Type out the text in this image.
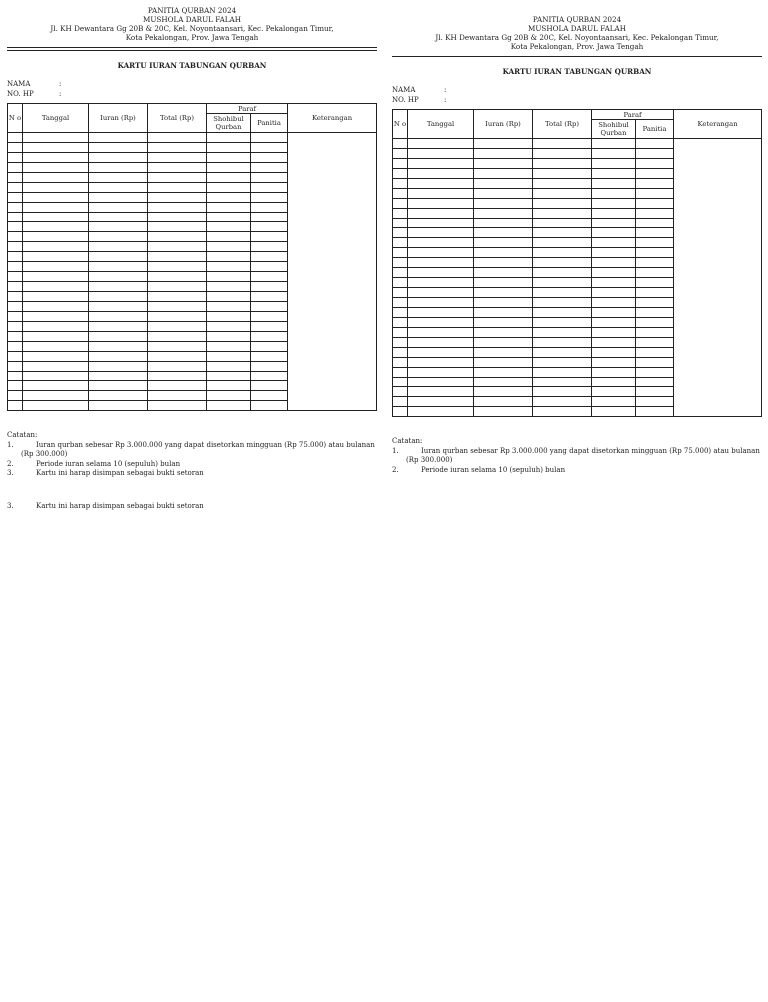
PANITIA QURBAN 2024
MUSHOLA DARUL FALAH
Jl. KH Dewantara Gg 20B & 20C, Kel. Noyontaansari, Kec. Pekalongan Timur,
Kota Pekalongan, Prov. Jawa Tengah
KARTU IURAN TABUNGAN QURBAN
NAMA	:
NO. HP	:
N o	Tanggal	Iuran (Rp)	Total (Rp)	Paraf		Keterangan
				Shohibul Qurban	Panitia	

Catatan:
1.	Iuran qurban sebesar Rp 3.000.000 yang dapat disetorkan mingguan (Rp 75.000) atau bulanan
(Rp 300.000)
2.	Periode iuran selama 10 (sepuluh) bulan
3.	Kartu ini harap disimpan sebagai bukti setoran
3.	Kartu ini harap disimpan sebagai bukti setoran
PANITIA QURBAN 2024
MUSHOLA DARUL FALAH
Jl. KH Dewantara Gg 20B & 20C, Kel. Noyontaansari, Kec. Pekalongan Timur,
Kota Pekalongan, Prov. Jawa Tengah
KARTU IURAN TABUNGAN QURBAN
NAMA	:
NO. HP	:
N o	Tanggal	Iuran (Rp)	Total (Rp)	Paraf		Keterangan
				Shohibul Qurban	Panitia	

Catatan:
1.	Iuran qurban sebesar Rp 3.000.000 yang dapat disetorkan mingguan (Rp 75.000) atau bulanan
(Rp 300.000)
2.	Periode iuran selama 10 (sepuluh) bulan
